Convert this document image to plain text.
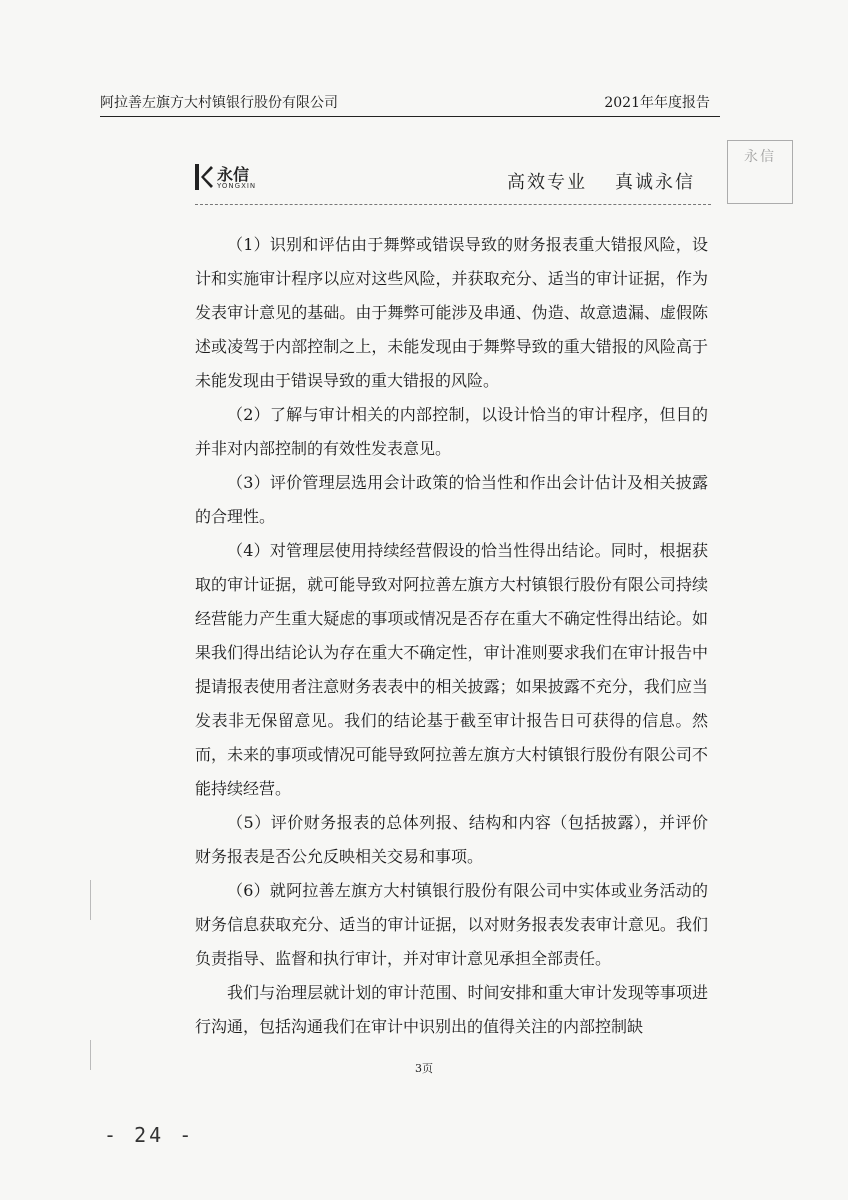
阿拉善左旗方大村镇银行股份有限公司	2021年年度报告
永信
永信
YONGXIN	高效专业 真诚永信

（1）识别和评估由于舞弊或错误导致的财务报表重大错报风险，设计和实施审计程序以应对这些风险，并获取充分、适当的审计证据，作为发表审计意见的基础。由于舞弊可能涉及串通、伪造、故意遗漏、虚假陈述或凌驾于内部控制之上，未能发现由于舞弊导致的重大错报的风险高于未能发现由于错误导致的重大错报的风险。

（2）了解与审计相关的内部控制，以设计恰当的审计程序，但目的并非对内部控制的有效性发表意见。

（3）评价管理层选用会计政策的恰当性和作出会计估计及相关披露的合理性。

（4）对管理层使用持续经营假设的恰当性得出结论。同时，根据获取的审计证据，就可能导致对阿拉善左旗方大村镇银行股份有限公司持续经营能力产生重大疑虑的事项或情况是否存在重大不确定性得出结论。如果我们得出结论认为存在重大不确定性，审计准则要求我们在审计报告中提请报表使用者注意财务表表中的相关披露；如果披露不充分，我们应当发表非无保留意见。我们的结论基于截至审计报告日可获得的信息。然而，未来的事项或情况可能导致阿拉善左旗方大村镇银行股份有限公司不能持续经营。

（5）评价财务报表的总体列报、结构和内容（包括披露），并评价财务报表是否公允反映相关交易和事项。

（6）就阿拉善左旗方大村镇银行股份有限公司中实体或业务活动的财务信息获取充分、适当的审计证据，以对财务报表发表审计意见。我们负责指导、监督和执行审计，并对审计意见承担全部责任。

我们与治理层就计划的审计范围、时间安排和重大审计发现等事项进行沟通，包括沟通我们在审计中识别出的值得关注的内部控制缺

3页
- 24 -
